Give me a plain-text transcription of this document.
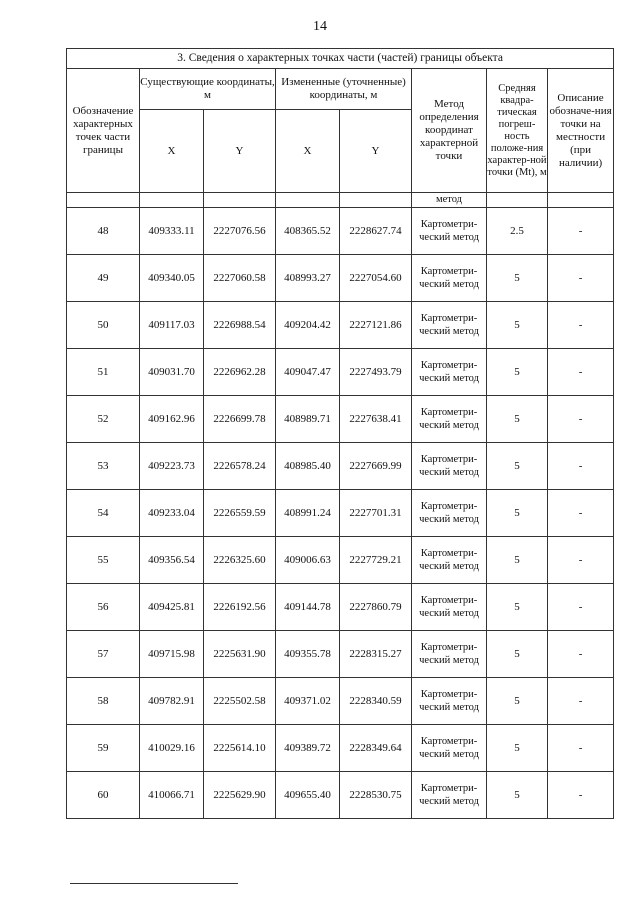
14
3. Сведения о характерных точках части (частей) границы объекта							
Обозначение характерных точек части границы	Существующие координаты, м		Измененные (уточненные) координаты, м		Метод определения координат характерной точки	Средняя квадра-тическая погреш-ность положе-ния характер-ной точки (Mt), м	Описание обозначе-ния точки на местности (при наличии)
	X	Y	X	Y			
					метод		
48	409333.11	2227076.56	408365.52	2228627.74	Картометри-ческий метод	2.5	-
49	409340.05	2227060.58	408993.27	2227054.60	Картометри-ческий метод	5	-
50	409117.03	2226988.54	409204.42	2227121.86	Картометри-ческий метод	5	-
51	409031.70	2226962.28	409047.47	2227493.79	Картометри-ческий метод	5	-
52	409162.96	2226699.78	408989.71	2227638.41	Картометри-ческий метод	5	-
53	409223.73	2226578.24	408985.40	2227669.99	Картометри-ческий метод	5	-
54	409233.04	2226559.59	408991.24	2227701.31	Картометри-ческий метод	5	-
55	409356.54	2226325.60	409006.63	2227729.21	Картометри-ческий метод	5	-
56	409425.81	2226192.56	409144.78	2227860.79	Картометри-ческий метод	5	-
57	409715.98	2225631.90	409355.78	2228315.27	Картометри-ческий метод	5	-
58	409782.91	2225502.58	409371.02	2228340.59	Картометри-ческий метод	5	-
59	410029.16	2225614.10	409389.72	2228349.64	Картометри-ческий метод	5	-
60	410066.71	2225629.90	409655.40	2228530.75	Картометри-ческий метод	5	-
